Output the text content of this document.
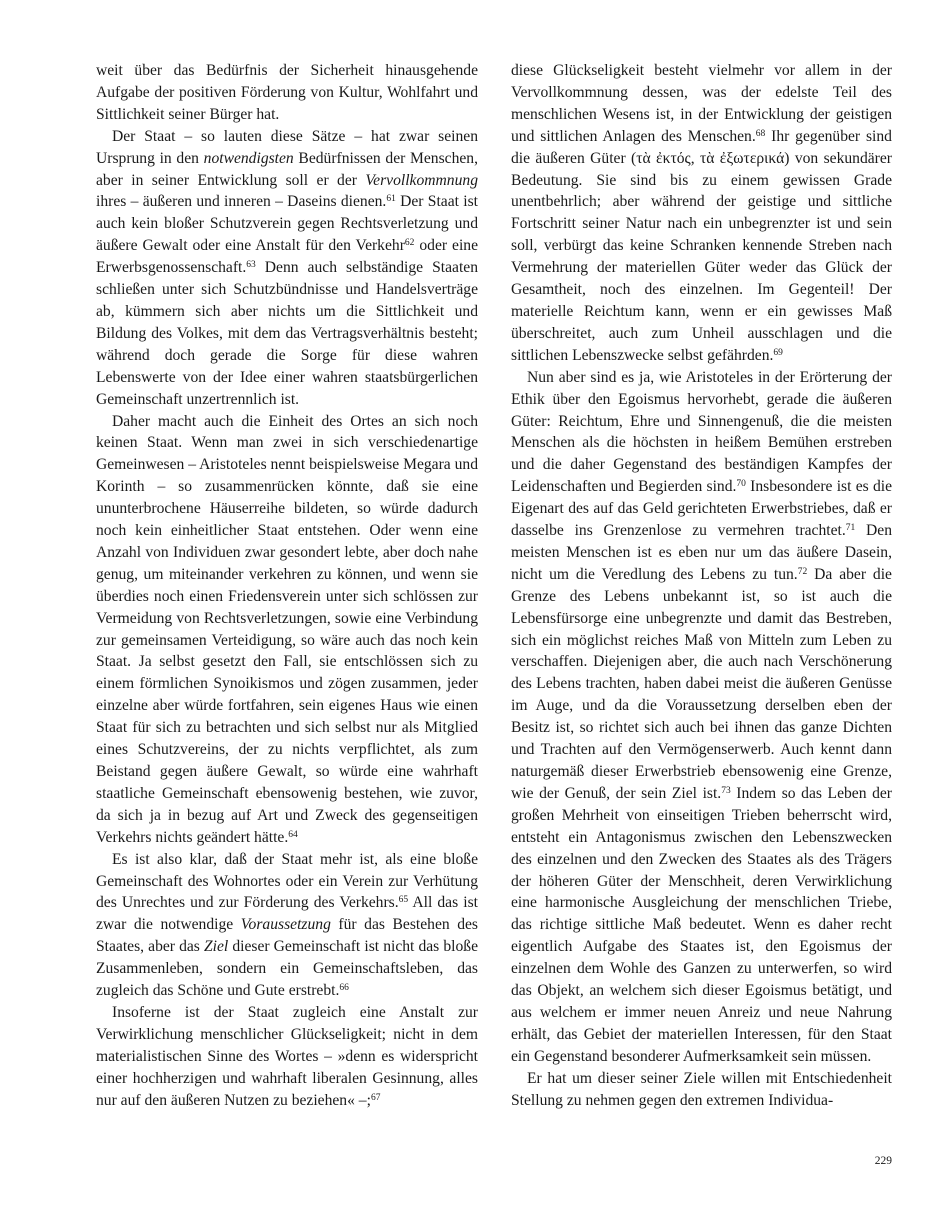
weit über das Bedürfnis der Sicherheit hinausgehende Aufgabe der positiven Förderung von Kultur, Wohlfahrt und Sittlichkeit seiner Bürger hat.

Der Staat – so lauten diese Sätze – hat zwar seinen Ursprung in den notwendigsten Bedürfnissen der Menschen, aber in seiner Entwicklung soll er der Vervollkommnung ihres – äußeren und inneren – Daseins dienen.$^{61}$ Der Staat ist auch kein bloßer Schutzverein gegen Rechtsverletzung und äußere Gewalt oder eine Anstalt für den Verkehr$^{62}$ oder eine Erwerbsgenossenschaft.$^{63}$ Denn auch selbständige Staaten schließen unter sich Schutzbündnisse und Handelsverträge ab, kümmern sich aber nichts um die Sittlichkeit und Bildung des Volkes, mit dem das Vertragsverhältnis besteht; während doch gerade die Sorge für diese wahren Lebenswerte von der Idee einer wahren staatsbürgerlichen Gemeinschaft unzertrennlich ist.

Daher macht auch die Einheit des Ortes an sich noch keinen Staat. Wenn man zwei in sich verschiedenartige Gemeinwesen – Aristoteles nennt beispielsweise Megara und Korinth – so zusammenrücken könnte, daß sie eine ununterbrochene Häuserreihe bildeten, so würde dadurch noch kein einheitlicher Staat entstehen. Oder wenn eine Anzahl von Individuen zwar gesondert lebte, aber doch nahe genug, um miteinander verkehren zu können, und wenn sie überdies noch einen Friedensverein unter sich schlössen zur Vermeidung von Rechtsverletzungen, sowie eine Verbindung zur gemeinsamen Verteidigung, so wäre auch das noch kein Staat. Ja selbst gesetzt den Fall, sie entschlössen sich zu einem förmlichen Synoikismos und zögen zusammen, jeder einzelne aber würde fortfahren, sein eigenes Haus wie einen Staat für sich zu betrachten und sich selbst nur als Mitglied eines Schutzvereins, der zu nichts verpflichtet, als zum Beistand gegen äußere Gewalt, so würde eine wahrhaft staatliche Gemeinschaft ebensowenig bestehen, wie zuvor, da sich ja in bezug auf Art und Zweck des gegenseitigen Verkehrs nichts geändert hätte.$^{64}$

Es ist also klar, daß der Staat mehr ist, als eine bloße Gemeinschaft des Wohnortes oder ein Verein zur Verhütung des Unrechtes und zur Förderung des Verkehrs.$^{65}$ All das ist zwar die notwendige Voraussetzung für das Bestehen des Staates, aber das Ziel dieser Gemeinschaft ist nicht das bloße Zusammenleben, sondern ein Gemeinschaftsleben, das zugleich das Schöne und Gute erstrebt.$^{66}$

Insoferne ist der Staat zugleich eine Anstalt zur Verwirklichung menschlicher Glückseligkeit; nicht in dem materialistischen Sinne des Wortes – »denn es widerspricht einer hochherzigen und wahrhaft liberalen Gesinnung, alles nur auf den äußeren Nutzen zu beziehen« –;$^{67}$

diese Glückseligkeit besteht vielmehr vor allem in der Vervollkommnung dessen, was der edelste Teil des menschlichen Wesens ist, in der Entwicklung der geistigen und sittlichen Anlagen des Menschen.$^{68}$ Ihr gegenüber sind die äußeren Güter (τὰ ἐκτός, τὰ ἐξωτερικά) von sekundärer Bedeutung. Sie sind bis zu einem gewissen Grade unentbehrlich; aber während der geistige und sittliche Fortschritt seiner Natur nach ein unbegrenzter ist und sein soll, verbürgt das keine Schranken kennende Streben nach Vermehrung der materiellen Güter weder das Glück der Gesamtheit, noch des einzelnen. Im Gegenteil! Der materielle Reichtum kann, wenn er ein gewisses Maß überschreitet, auch zum Unheil ausschlagen und die sittlichen Lebenszwecke selbst gefährden.$^{69}$

Nun aber sind es ja, wie Aristoteles in der Erörterung der Ethik über den Egoismus hervorhebt, gerade die äußeren Güter: Reichtum, Ehre und Sinnengenuß, die die meisten Menschen als die höchsten in heißem Bemühen erstreben und die daher Gegenstand des beständigen Kampfes der Leidenschaften und Begierden sind.$^{70}$ Insbesondere ist es die Eigenart des auf das Geld gerichteten Erwerbstriebes, daß er dasselbe ins Grenzenlose zu vermehren trachtet.$^{71}$ Den meisten Menschen ist es eben nur um das äußere Dasein, nicht um die Veredlung des Lebens zu tun.$^{72}$ Da aber die Grenze des Lebens unbekannt ist, so ist auch die Lebensfürsorge eine unbegrenzte und damit das Bestreben, sich ein möglichst reiches Maß von Mitteln zum Leben zu verschaffen. Diejenigen aber, die auch nach Verschönerung des Lebens trachten, haben dabei meist die äußeren Genüsse im Auge, und da die Voraussetzung derselben eben der Besitz ist, so richtet sich auch bei ihnen das ganze Dichten und Trachten auf den Vermögenserwerb. Auch kennt dann naturgemäß dieser Erwerbstrieb ebensowenig eine Grenze, wie der Genuß, der sein Ziel ist.$^{73}$ Indem so das Leben der großen Mehrheit von einseitigen Trieben beherrscht wird, entsteht ein Antagonismus zwischen den Lebenszwecken des einzelnen und den Zwecken des Staates als des Trägers der höheren Güter der Menschheit, deren Verwirklichung eine harmonische Ausgleichung der menschlichen Triebe, das richtige sittliche Maß bedeutet. Wenn es daher recht eigentlich Aufgabe des Staates ist, den Egoismus der einzelnen dem Wohle des Ganzen zu unterwerfen, so wird das Objekt, an welchem sich dieser Egoismus betätigt, und aus welchem er immer neuen Anreiz und neue Nahrung erhält, das Gebiet der materiellen Interessen, für den Staat ein Gegenstand besonderer Aufmerksamkeit sein müssen.

Er hat um dieser seiner Ziele willen mit Entschiedenheit Stellung zu nehmen gegen den extremen Individua-

229
